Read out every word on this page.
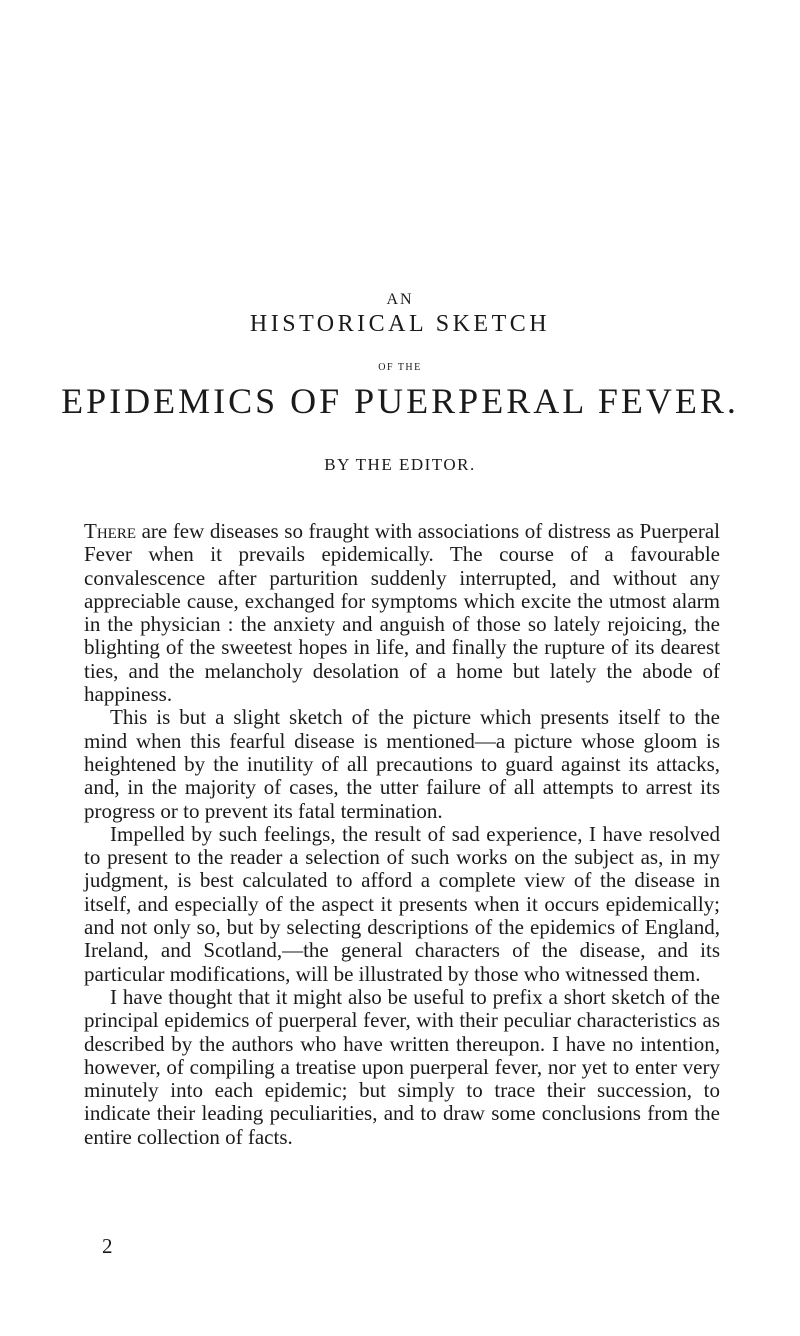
AN
HISTORICAL SKETCH
OF THE
EPIDEMICS OF PUERPERAL FEVER.
BY THE EDITOR.

There are few diseases so fraught with associations of distress as Puerperal Fever when it prevails epidemically. The course of a favourable convalescence after parturition suddenly interrupted, and without any appreciable cause, exchanged for symptoms which excite the utmost alarm in the physician : the anxiety and anguish of those so lately rejoicing, the blighting of the sweetest hopes in life, and finally the rupture of its dearest ties, and the melancholy desolation of a home but lately the abode of happiness.

This is but a slight sketch of the picture which presents itself to the mind when this fearful disease is mentioned—a picture whose gloom is heightened by the inutility of all precautions to guard against its attacks, and, in the majority of cases, the utter failure of all attempts to arrest its progress or to prevent its fatal termination.

Impelled by such feelings, the result of sad experience, I have resolved to present to the reader a selection of such works on the subject as, in my judgment, is best calculated to afford a complete view of the disease in itself, and especially of the aspect it presents when it occurs epidemically; and not only so, but by selecting descriptions of the epidemics of England, Ireland, and Scotland,—the general characters of the disease, and its particular modifications, will be illustrated by those who witnessed them.

I have thought that it might also be useful to prefix a short sketch of the principal epidemics of puerperal fever, with their peculiar characteristics as described by the authors who have written thereupon. I have no intention, however, of compiling a treatise upon puerperal fever, nor yet to enter very minutely into each epidemic; but simply to trace their succession, to indicate their leading peculiarities, and to draw some conclusions from the entire collection of facts.

2
